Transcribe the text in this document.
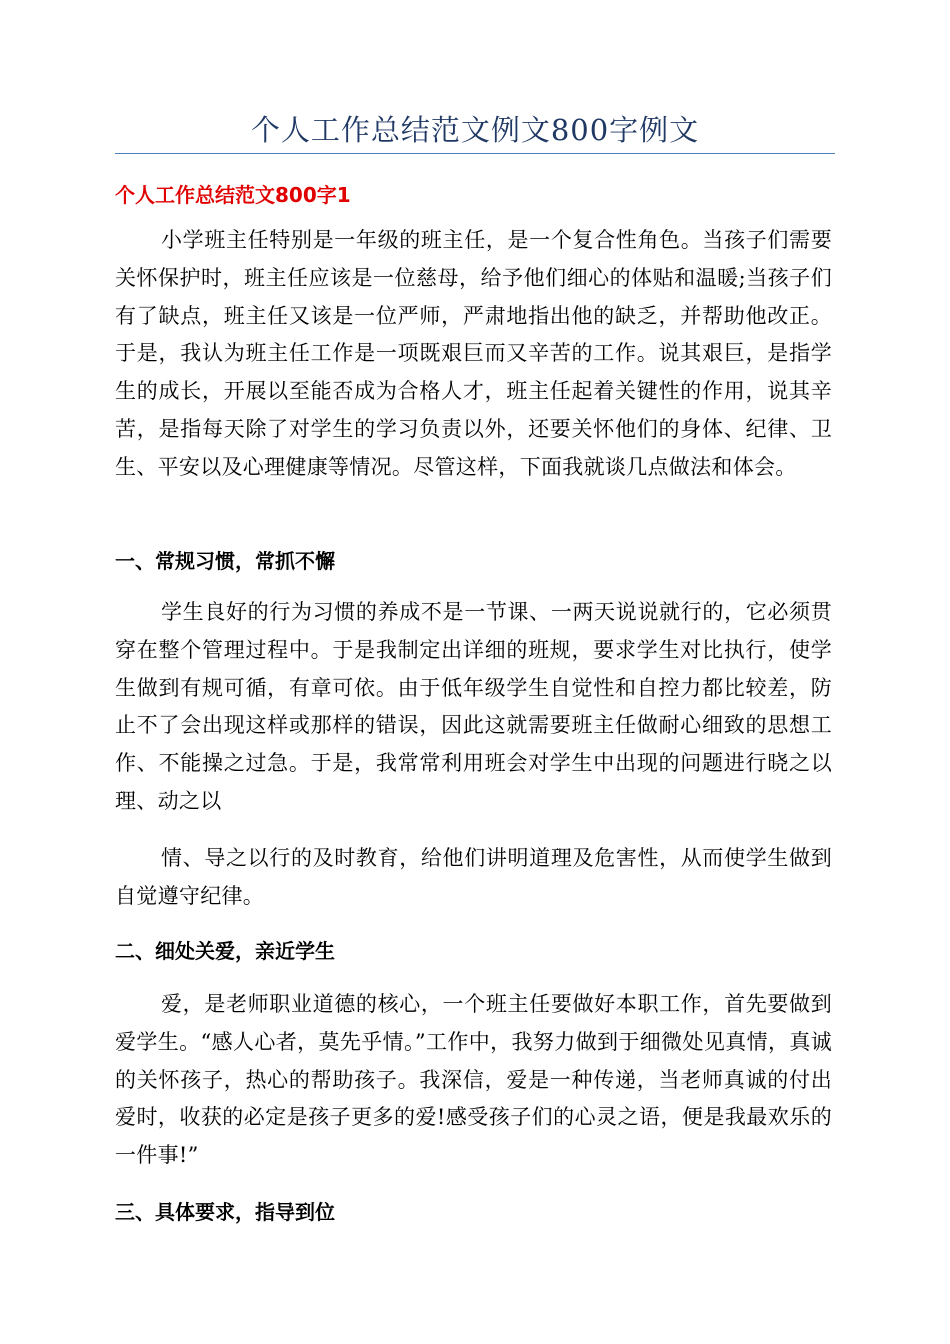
个人工作总结范文例文800字例文
个人工作总结范文800字1

小学班主任特别是一年级的班主任，是一个复合性角色。当孩子们需要关怀保护时，班主任应该是一位慈母，给予他们细心的体贴和温暖;当孩子们有了缺点，班主任又该是一位严师，严肃地指出他的缺乏，并帮助他改正。于是，我认为班主任工作是一项既艰巨而又辛苦的工作。说其艰巨，是指学生的成长，开展以至能否成为合格人才，班主任起着关键性的作用，说其辛苦，是指每天除了对学生的学习负责以外，还要关怀他们的身体、纪律、卫生、平安以及心理健康等情况。尽管这样，下面我就谈几点做法和体会。

一、常规习惯，常抓不懈

学生良好的行为习惯的养成不是一节课、一两天说说就行的，它必须贯穿在整个管理过程中。于是我制定出详细的班规，要求学生对比执行，使学生做到有规可循，有章可依。由于低年级学生自觉性和自控力都比较差，防止不了会出现这样或那样的错误，因此这就需要班主任做耐心细致的思想工作、不能操之过急。于是，我常常利用班会对学生中出现的问题进行晓之以理、动之以

情、导之以行的及时教育，给他们讲明道理及危害性，从而使学生做到自觉遵守纪律。

二、细处关爱，亲近学生

爱，是老师职业道德的核心，一个班主任要做好本职工作，首先要做到爱学生。“感人心者，莫先乎情。”工作中，我努力做到于细微处见真情，真诚的关怀孩子，热心的帮助孩子。我深信，爱是一种传递，当老师真诚的付出爱时，收获的必定是孩子更多的爱!感受孩子们的心灵之语，便是我最欢乐的一件事!”

三、具体要求，指导到位
